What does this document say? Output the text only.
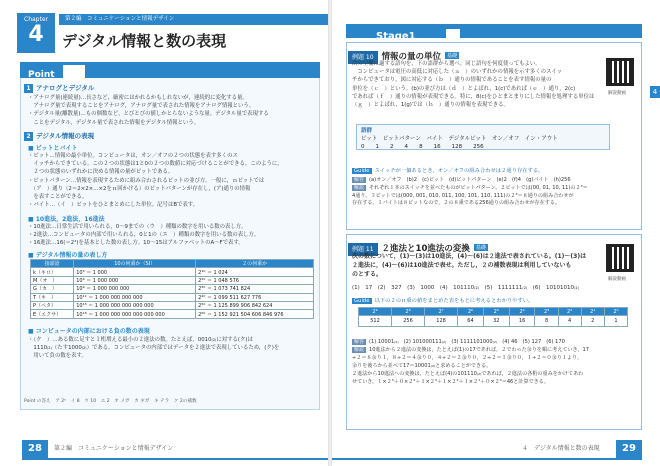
Chapter
4
第２編　コミュニケーションと情報デザイン
デジタル情報と数の表現
Point 要項
1 アナログとデジタル
・アナログ量(連続量)…長さなど，厳密にはかれるかもしれないが，連続的に変化する量。
　アナログ量で表現することをアナログ，アナログ量で表された情報をアナログ情報という。
・デジタル量(離散量)…もの個数など，とびとびの値しかとらないような量。デジタル量で表現する
　ことをデジタル，デジタル量で表された情報をデジタル情報という。
2 デジタル情報の表現
■ ビットとバイト
・ビット…情報の最小単位。コンピュータは，オン／オフの２つの状態を表す多くのス
　イッチからできている。この２つの状態は1と0の２つの数値に対応づけることができる。このように，
　２つの状態のいずれかに決める情報の量がビットである。
・ビットパターン…情報を表現するために組み合わされるビットの並び方。一般に，ｎビットでは
　（ア　）通り（2＝2×2×…×2をｎ回かける）のビットパターンが存在し，(ア)通りの情報
　を表すことができる。
・バイト…（イ　）ビットをひとまとめにした単位。記号はBで表す。
■ 10進法，2進法，16進法
・10進法…日常生活で用いられる，0〜9までの（ウ　）種類の数字を用いる数の表し方。
・2進法…コンピュータの内部で用いられる，0と1の（エ　）種類の数字を用いる数の表し方。
・16進法…16(＝2⁴)を基本とした数の表し方。10〜15はアルファベットのA〜Fで表す。
■ デジタル情報の量の表し方
接頭語	10の何乗か（SI）	２の何乗か
k（キロ）	10³ ＝ 1 000	2¹⁰ ＝ 1 024
M（オ　）	10⁶ ＝ 1 000 000	2²⁰ ＝ 1 048 576
G（カ　）	10⁹ ＝ 1 000 000 000	2³⁰ ＝ 1 073 741 824
T（キ　）	10¹² ＝ 1 000 000 000 000	2⁴⁰ ＝ 1 099 511 627 776
P（ペタ）	10¹⁵ ＝ 1 000 000 000 000 000	2⁵⁰ ＝ 1 125 899 906 842 624
E（エクサ）	10¹⁸ ＝ 1 000 000 000 000 000 000	2⁶⁰ ＝ 1 152 921 504 606 846 976
■ コンピュータの内部における負の数の表現
・（ク　）…ある数に足すと１桁増える最小の２進法の数。たとえば，0010₍₂₎に対する(ク)は
　1110₍₂₎（たす1000₍₂₎）である。コンピュータの内部ではデータを２進法で表現しているため，(ク)を
　用いて負の数を表す。
Point の答え　ア 2ⁿ　イ 8　ウ 10　エ 2　オ メガ　カ ギガ　キ テラ　ク 2の補数
28	第２編　コミュニケーションと情報デザイン
Stage1	例題
4
例題 10 情報の量の単位 基礎
解説動画
次の空欄に適する語句を，下の語群から選べ。同じ語句を何度使ってもよい。
　コンピュータは電圧の高低に対応した（ａ　）のいずれかの情報を示す多くのスイッ
チからできており，図に対応する（ｂ　）通りの情報であることを表す情報の量の
単位を（ｃ　）という。(b)の並び方は（ｄ　）とよばれ，1(c)であれば（ｅ　）通り，2(c)
であれば（ｆ　）通りの情報が表現できる。特に，8(c)をひとまとまりにした情報を処理する単位は
（ｇ　）とよばれ，1(g)では（ｈ　）通りの情報を表現できる。
語群
ビット　 ビットパターン　 バイト　 デジタルビット　 オン／オフ　 イン・アウト
0　　 1　　 2　　 4　　 8　　 16　　 128　　 256
Guide スイッチが一個あるとき，オン／オフの組み合わせは２通り存在する。
解答 (a)オン／オフ　(b)2　(c)ビット　(d)ビットパターン　(e)2　(f)4　(g)バイト　(h)256
解説 それぞれ１本のスイッチを並べたものがビットパターン。２ビットでは(00, 01, 10, 11)の２⁴＝
4通り。３ビットでは(000, 001, 010, 011, 100, 101, 110, 111)の２³＝８通りの組み合わせが
存在する。１バイトは８ビットなので，２の８乗である256通りの組み合わせが存在する。
例題 11 ２進法と10進法の変換 基礎
解説動画
次の数について，(1)〜(3)は10進法，(4)〜(6)は２進法で表されている。(1)〜(3)は
２進法に，(4)〜(6)は10進法で表せ。ただし，２の補数表現は利用していないも
のとする。
(1)　17　(2)　327　(3)　1000　(4)　101110₍₂₎　(5)　1111111₍₂₎　(6)　10101010₍₂₎
Guide 以下の２のｎ乗の値をまとめた表をもとに考えるとわかりやすい。
2⁹	2⁸	2⁷	2⁶	2⁵	2⁴	2³	2²	2¹	2⁰
512	256	128	64	32	16	8	4	2	1
解答 (1) 10001₍₂₎　(2) 101000111₍₂₎　(3) 1111101000₍₂₎　(4) 46　(5) 127　(6) 170
解説 10進法から２進法の変換は，たとえば(1)の17であれば，２でわった余りを順に考えていき，17
÷２＝８余り１，８÷２＝４余り０，４÷２＝２余り０，２÷２＝１余り０，１÷２＝０余り１より，
余りを後ろから並べて17＝10001₍₂₎と求めることができる。
２進法から10進法への変換は，たとえば(4)の101110₍₂₎であれば，２進法の各桁の重みをかけてあわ
せていき，１×２⁵＋０×２⁴＋１×２³＋１×２²＋１×２¹＋０×２⁰＝46と計算できる。
４　デジタル情報と数の表現	29
